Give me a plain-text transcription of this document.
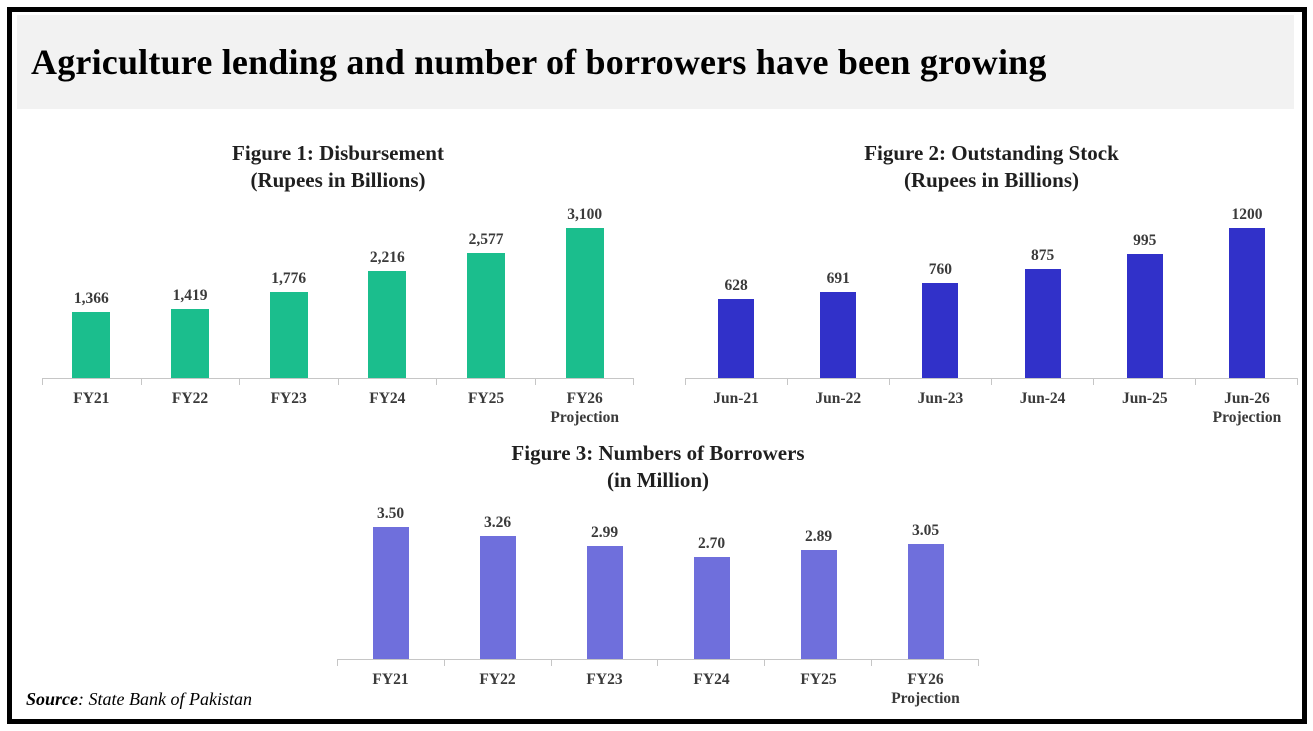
Agriculture lending and number of borrowers have been growing
Figure 1: Disbursement
(Rupees in Billions)
1,366	1,419
1,776
2,216
2,577
3,100
FY21	FY22	FY23	FY24	FY25	FY26
Projection
Figure 2: Outstanding Stock
(Rupees in Billions)
628	691
760
875
995
1200
Jun-21	Jun-22	Jun-23	Jun-24	Jun-25	Jun-26
Projection
Figure 3: Numbers of Borrowers
(in Million)
3.50
3.26
2.99
2.70	2.89	3.05
FY21	FY22	FY23	FY24	FY25	FY26
Projection
Source: State Bank of Pakistan
